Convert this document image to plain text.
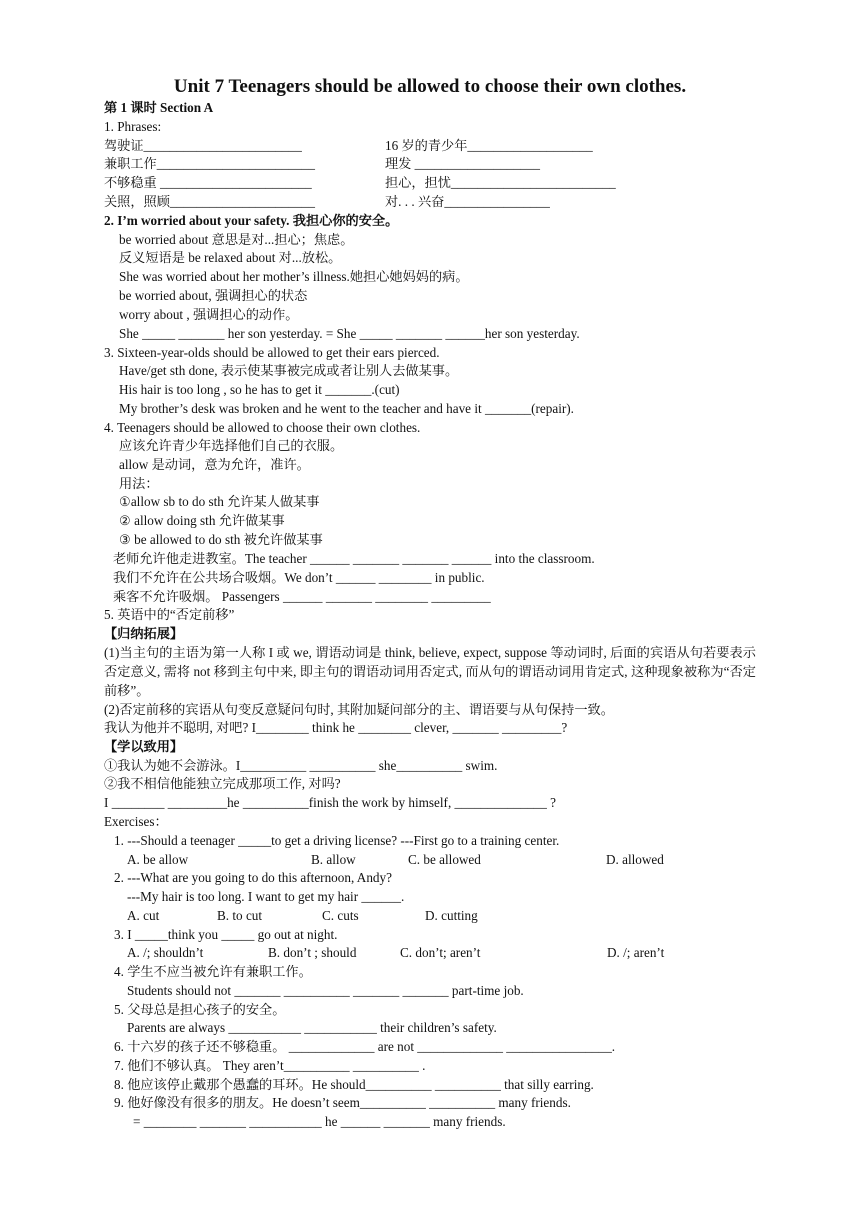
Unit 7 Teenagers should be allowed to choose their own clothes.
第 1 课时 Section A
1. Phrases:
驾驶证________________________	16 岁的青少年___________________
兼职工作________________________	理发 ___________________
不够稳重 _______________________	担心，担忧_________________________
关照，照顾______________________	对. . . 兴奋________________
2. I’m worried about your safety. 我担心你的安全。
be worried about 意思是对...担心；焦虑。
反义短语是 be relaxed about 对...放松。
She was worried about her mother’s illness.她担心她妈妈的病。
be worried about, 强调担心的状态
worry about , 强调担心的动作。
She _____ _______ her son yesterday. = She _____ _______ ______her son yesterday.
3. Sixteen-year-olds should be allowed to get their ears pierced.
Have/get sth done, 表示使某事被完成或者让别人去做某事。
His hair is too long , so he has to get it _______.(cut)
My brother’s desk was broken and he went to the teacher and have it _______(repair).
4. Teenagers should be allowed to choose their own clothes.
应该允许青少年选择他们自己的衣服。
allow 是动词，意为允许，准许。
用法：
①allow sb to do sth 允许某人做某事
② allow doing sth 允许做某事
③ be allowed to do sth 被允许做某事
老师允许他走进教室。The teacher ______ _______ _______ ______ into the classroom.
我们不允许在公共场合吸烟。We don’t ______ ________ in public.
乘客不允许吸烟。 Passengers ______ _______ ________ _________
5. 英语中的“否定前移”
【归纳拓展】
(1)当主句的主语为第一人称 I 或 we, 谓语动词是 think, believe, expect, suppose 等动词时, 后面的宾语从句若要表示否定意义, 需将 not 移到主句中来, 即主句的谓语动词用否定式, 而从句的谓语动词用肯定式, 这种现象被称为“否定前移”。
(2)否定前移的宾语从句变反意疑问句时, 其附加疑问部分的主、谓语要与从句保持一致。
我认为他并不聪明, 对吧? I________ think he ________ clever, _______ _________?
【学以致用】
①我认为她不会游泳。I__________ __________ she__________ swim.
②我不相信他能独立完成那项工作, 对吗?
I ________ _________he __________finish the work by himself, ______________ ?
Exercises：
1. ---Should a teenager _____to get a driving license? ---First go to a training center.
A. be allow	B. allow	C. be allowed	D. allowed
2. ---What are you going to do this afternoon, Andy?
---My hair is too long. I want to get my hair ______.
A. cut	B. to cut	C. cuts	D. cutting
3. I _____think you _____ go out at night.
A. /; shouldn’t	B. don’t ; should	C. don’t; aren’t	D. /; aren’t
4. 学生不应当被允许有兼职工作。
Students should not _______ __________ _______ _______ part-time job.
5. 父母总是担心孩子的安全。
Parents are always ___________ ___________ their children’s safety.
6. 十六岁的孩子还不够稳重。 _____________ are not _____________ ________________.
7. 他们不够认真。 They aren’t__________ __________ .
8. 他应该停止戴那个愚蠢的耳环。He should__________ __________ that silly earring.
9. 他好像没有很多的朋友。He doesn’t seem__________ __________ many friends.
= ________ _______ ___________ he ______ _______ many friends.
